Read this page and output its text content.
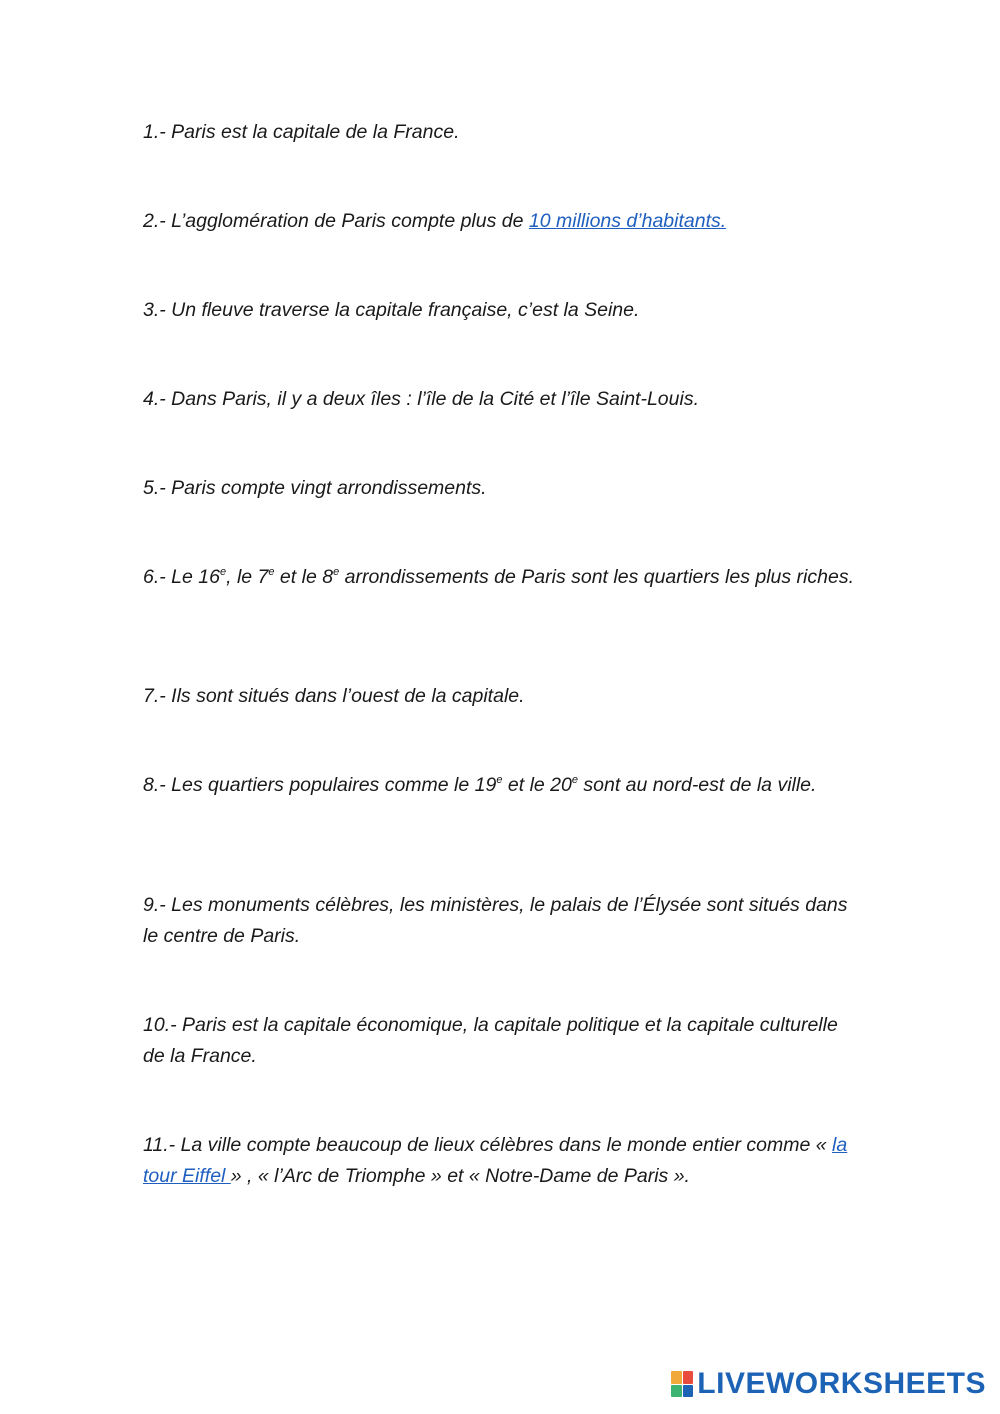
1.- Paris est la capitale de la France.

2.- L’agglomération de Paris compte plus de 10 millions d’habitants.

3.- Un fleuve traverse la capitale française, c’est la Seine.

4.- Dans Paris, il y a deux îles : l’île de la Cité et l’île Saint-Louis.

5.- Paris compte vingt arrondissements.

6.- Le 16e, le 7e et le 8e arrondissements de Paris sont les quartiers les plus riches.

7.- Ils sont situés dans l’ouest de la capitale.

8.- Les quartiers populaires comme le 19e et le 20e sont au nord-est de la ville.

9.- Les monuments célèbres, les ministères, le palais de l’Élysée sont situés dans le centre de Paris.

10.- Paris est la capitale économique, la capitale politique et la capitale culturelle de la France.

11.- La ville compte beaucoup de lieux célèbres dans le monde entier comme « la tour Eiffel » , « l’Arc de Triomphe » et « Notre-Dame de Paris ».

LIVEWORKSHEETS
